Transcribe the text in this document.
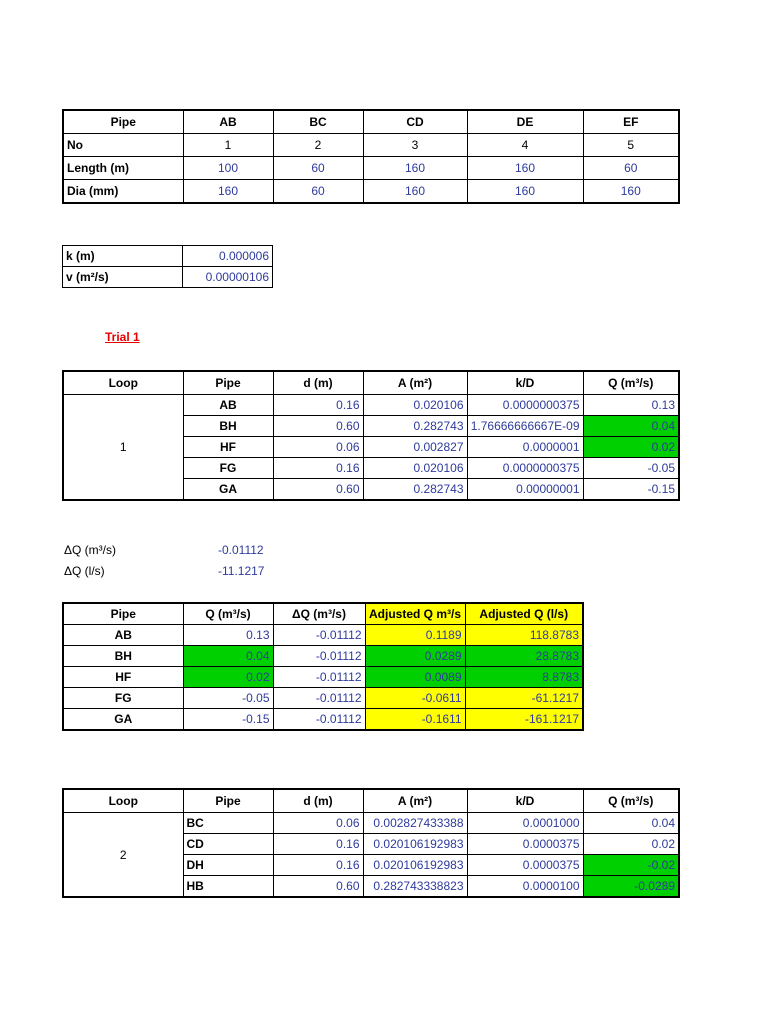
Pipe	AB	BC	CD	DE	EF
No	1	2	3	4	5
Length (m)	100	60	160	160	60
Dia (mm)	160	60	160	160	160
k (m)	0.000006
v (m²/s)	0.00000106
Trial 1
Loop	Pipe	d (m)	A (m²)	k/D	Q (m³/s)
1	AB	0.16	0.020106	0.0000000375	0.13
	BH	0.60	0.282743	1.76666666667E-09	0.04
	HF	0.06	0.002827	0.0000001	0.02
	FG	0.16	0.020106	0.0000000375	-0.05
	GA	0.60	0.282743	0.00000001	-0.15
ΔQ (m³/s)	-0.01112
ΔQ (l/s)	-11.1217
Pipe	Q (m³/s)	ΔQ (m³/s)	Adjusted Q m³/s	Adjusted Q (l/s)
AB	0.13	-0.01112	0.1189	118.8783
BH	0.04	-0.01112	0.0289	28.8783
HF	0.02	-0.01112	0.0089	8.8783
FG	-0.05	-0.01112	-0.0611	-61.1217
GA	-0.15	-0.01112	-0.1611	-161.1217
Loop	Pipe	d (m)	A (m²)	k/D	Q (m³/s)
2	BC	0.06	0.002827433388	0.0001000	0.04
	CD	0.16	0.020106192983	0.0000375	0.02
	DH	0.16	0.020106192983	0.0000375	-0.02
	HB	0.60	0.282743338823	0.0000100	-0.0289
